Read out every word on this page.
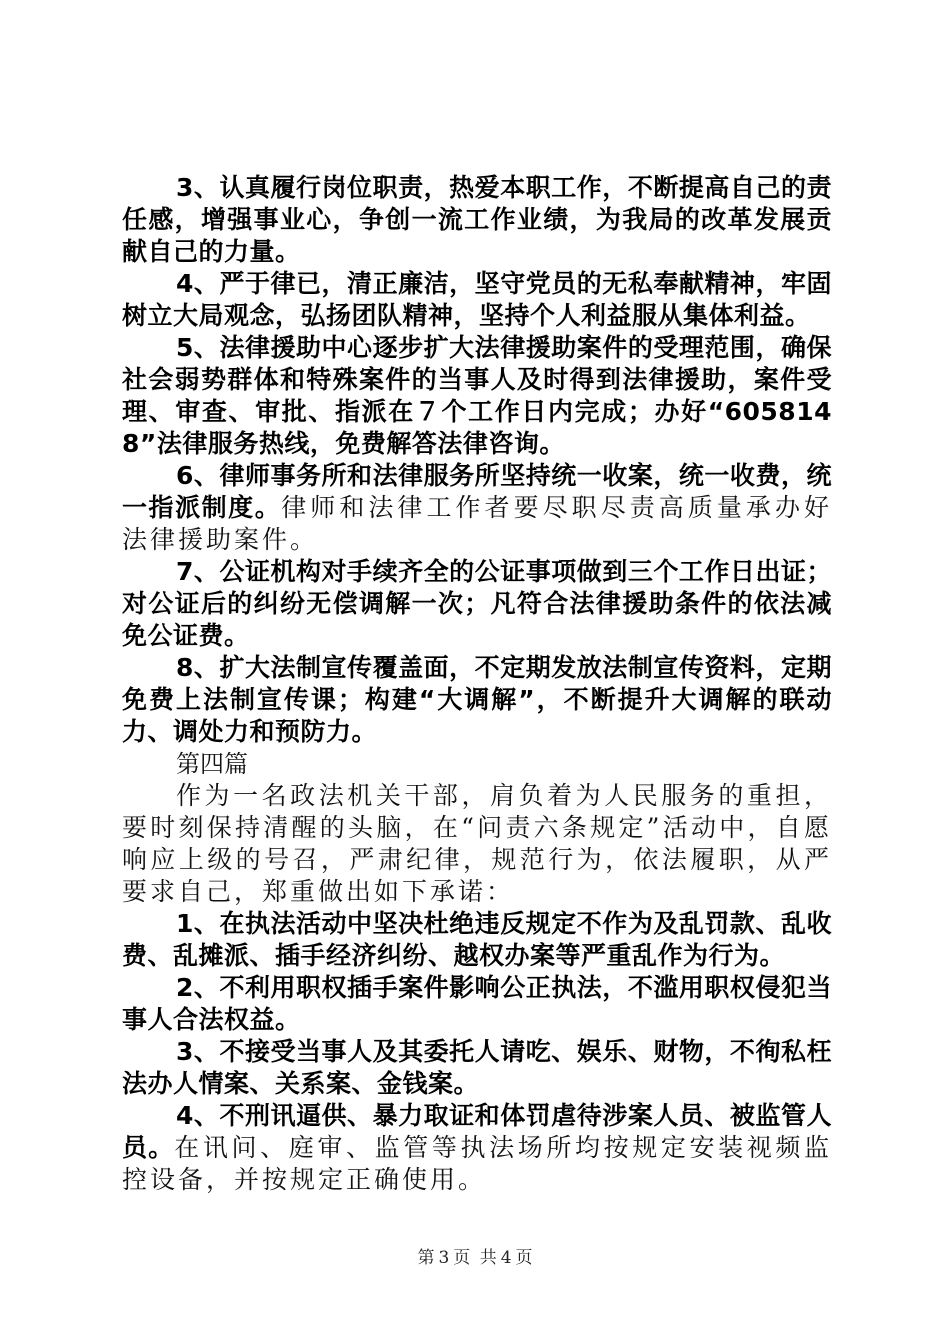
3、认真履行岗位职责，热爱本职工作，不断提高自己的责任感，增强事业心，争创一流工作业绩，为我局的改革发展贡献自己的力量。

4、严于律已，清正廉洁，坚守党员的无私奉献精神，牢固树立大局观念，弘扬团队精神，坚持个人利益服从集体利益。

5、法律援助中心逐步扩大法律援助案件的受理范围，确保社会弱势群体和特殊案件的当事人及时得到法律援助，案件受理、审查、审批、指派在７个工作日内完成；办好“6058148”法律服务热线，免费解答法律咨询。

6、律师事务所和法律服务所坚持统一收案，统一收费，统一指派制度。律师和法律工作者要尽职尽责高质量承办好法律援助案件。

7、公证机构对手续齐全的公证事项做到三个工作日出证；对公证后的纠纷无偿调解一次；凡符合法律援助条件的依法减免公证费。

8、扩大法制宣传覆盖面，不定期发放法制宣传资料，定期免费上法制宣传课；构建“大调解”，不断提升大调解的联动力、调处力和预防力。

第四篇

作为一名政法机关干部，肩负着为人民服务的重担，要时刻保持清醒的头脑，在“问责六条规定”活动中，自愿响应上级的号召，严肃纪律，规范行为，依法履职，从严要求自己，郑重做出如下承诺：

1、在执法活动中坚决杜绝违反规定不作为及乱罚款、乱收费、乱摊派、插手经济纠纷、越权办案等严重乱作为行为。

2、不利用职权插手案件影响公正执法，不滥用职权侵犯当事人合法权益。

3、不接受当事人及其委托人请吃、娱乐、财物，不徇私枉法办人情案、关系案、金钱案。

4、不刑讯逼供、暴力取证和体罚虐待涉案人员、被监管人员。在讯问、庭审、监管等执法场所均按规定安装视频监控设备，并按规定正确使用。

第 3 页 共 4 页
